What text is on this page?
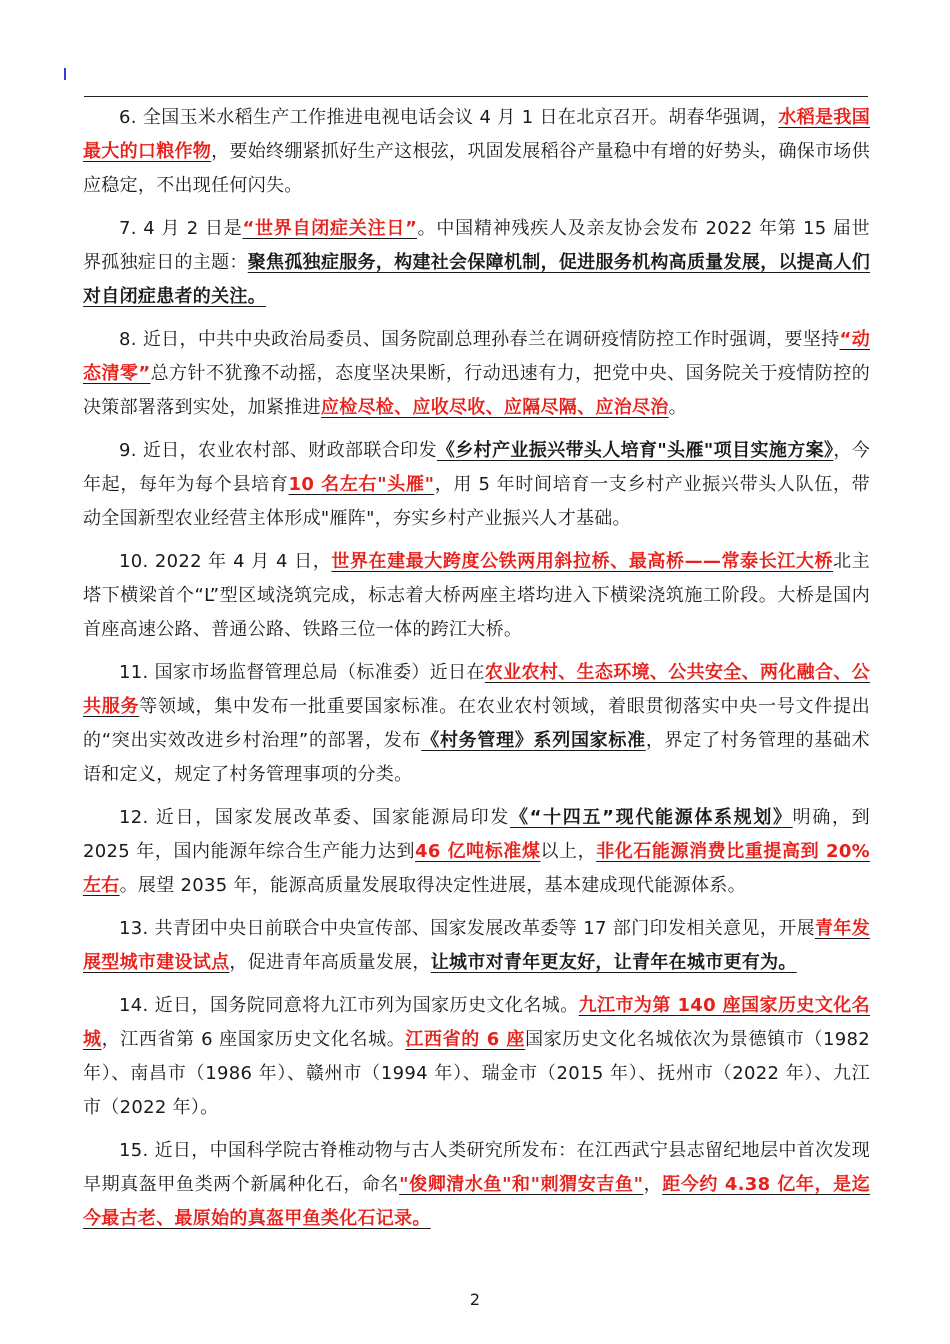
6. 全国玉米水稻生产工作推进电视电话会议 4 月 1 日在北京召开。胡春华强调，水稻是我国最大的口粮作物，要始终绷紧抓好生产这根弦，巩固发展稻谷产量稳中有增的好势头，确保市场供应稳定，不出现任何闪失。

7. 4 月 2 日是“世界自闭症关注日”。中国精神残疾人及亲友协会发布 2022 年第 15 届世界孤独症日的主题：聚焦孤独症服务，构建社会保障机制，促进服务机构高质量发展，以提高人们对自闭症患者的关注。

8. 近日，中共中央政治局委员、国务院副总理孙春兰在调研疫情防控工作时强调，要坚持“动态清零”总方针不犹豫不动摇，态度坚决果断，行动迅速有力，把党中央、国务院关于疫情防控的决策部署落到实处，加紧推进应检尽检、应收尽收、应隔尽隔、应治尽治。

9. 近日，农业农村部、财政部联合印发《乡村产业振兴带头人培育"头雁"项目实施方案》，今年起，每年为每个县培育10 名左右"头雁"，用 5 年时间培育一支乡村产业振兴带头人队伍，带动全国新型农业经营主体形成"雁阵"，夯实乡村产业振兴人才基础。

10. 2022 年 4 月 4 日，世界在建最大跨度公铁两用斜拉桥、最高桥——常泰长江大桥北主塔下横梁首个“L”型区域浇筑完成，标志着大桥两座主塔均进入下横梁浇筑施工阶段。大桥是国内首座高速公路、普通公路、铁路三位一体的跨江大桥。

11. 国家市场监督管理总局（标准委）近日在农业农村、生态环境、公共安全、两化融合、公共服务等领域，集中发布一批重要国家标准。在农业农村领域，着眼贯彻落实中央一号文件提出的“突出实效改进乡村治理”的部署，发布《村务管理》系列国家标准，界定了村务管理的基础术语和定义，规定了村务管理事项的分类。

12. 近日，国家发展改革委、国家能源局印发《“十四五”现代能源体系规划》明确，到 2025 年，国内能源年综合生产能力达到46 亿吨标准煤以上，非化石能源消费比重提高到 20%左右。展望 2035 年，能源高质量发展取得决定性进展，基本建成现代能源体系。

13. 共青团中央日前联合中央宣传部、国家发展改革委等 17 部门印发相关意见，开展青年发展型城市建设试点，促进青年高质量发展，让城市对青年更友好，让青年在城市更有为。

14. 近日，国务院同意将九江市列为国家历史文化名城。九江市为第 140 座国家历史文化名城，江西省第 6 座国家历史文化名城。江西省的 6 座国家历史文化名城依次为景德镇市（1982 年）、南昌市（1986 年）、赣州市（1994 年）、瑞金市（2015 年）、抚州市（2022 年）、九江市（2022 年）。

15. 近日，中国科学院古脊椎动物与古人类研究所发布：在江西武宁县志留纪地层中首次发现早期真盔甲鱼类两个新属种化石，命名"俊卿清水鱼"和"刺猬安吉鱼"，距今约 4.38 亿年，是迄今最古老、最原始的真盔甲鱼类化石记录。

2
